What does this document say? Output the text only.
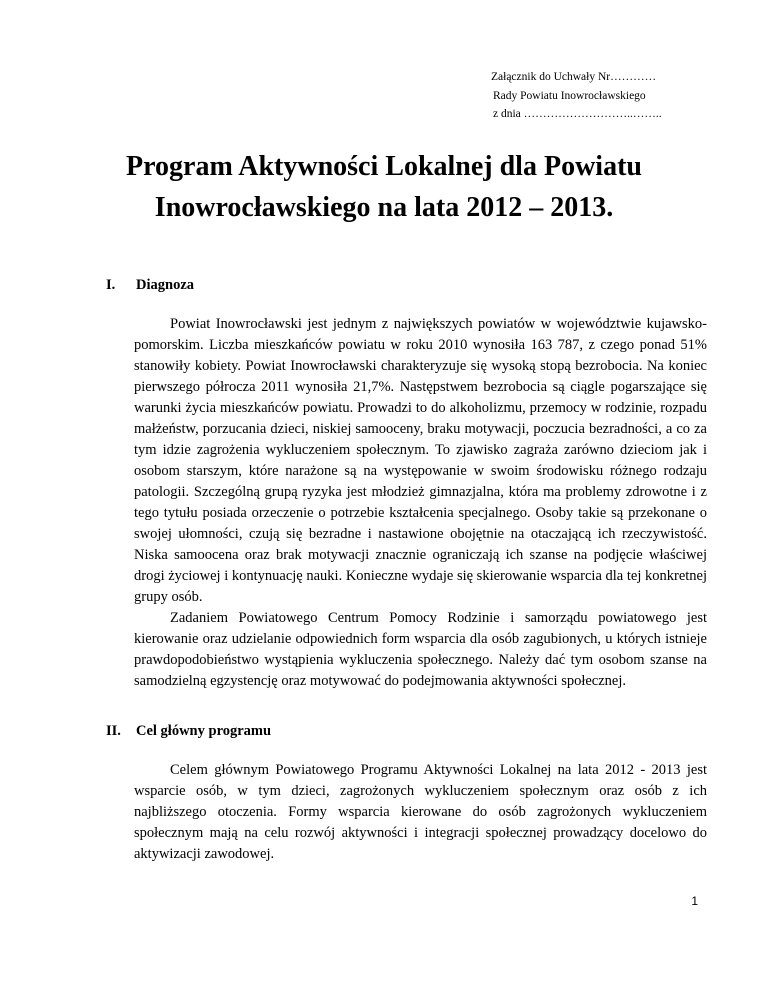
Załącznik do Uchwały Nr…………
Rady Powiatu Inowrocławskiego
z dnia ………………………..……..
Program Aktywności Lokalnej dla Powiatu
Inowrocławskiego na lata 2012 – 2013.
I.	Diagnoza

Powiat Inowrocławski jest jednym z największych powiatów w województwie kujawsko-pomorskim. Liczba mieszkańców powiatu w roku 2010 wynosiła 163 787, z czego ponad 51% stanowiły kobiety. Powiat Inowrocławski charakteryzuje się wysoką stopą bezrobocia. Na koniec pierwszego półrocza 2011 wynosiła 21,7%. Następstwem bezrobocia są ciągle pogarszające się warunki życia mieszkańców powiatu. Prowadzi to do alkoholizmu, przemocy w rodzinie, rozpadu małżeństw, porzucania dzieci, niskiej samooceny, braku motywacji, poczucia bezradności, a co za tym idzie zagrożenia wykluczeniem społecznym. To zjawisko zagraża zarówno dzieciom jak i osobom starszym, które narażone są na występowanie w swoim środowisku różnego rodzaju patologii. Szczególną grupą ryzyka jest młodzież gimnazjalna, która ma problemy zdrowotne i z tego tytułu posiada orzeczenie o potrzebie kształcenia specjalnego. Osoby takie są przekonane o swojej ułomności, czują się bezradne i nastawione obojętnie na otaczającą ich rzeczywistość. Niska samoocena oraz brak motywacji znacznie ograniczają ich szanse na podjęcie właściwej drogi życiowej i kontynuację nauki. Konieczne wydaje się skierowanie wsparcia dla tej konkretnej grupy osób.

Zadaniem Powiatowego Centrum Pomocy Rodzinie i samorządu powiatowego jest kierowanie oraz udzielanie odpowiednich form wsparcia dla osób zagubionych, u których istnieje prawdopodobieństwo wystąpienia wykluczenia społecznego. Należy dać tym osobom szanse na samodzielną egzystencję oraz motywować do podejmowania aktywności społecznej.

II.	Cel główny programu

Celem głównym Powiatowego Programu Aktywności Lokalnej na lata 2012 - 2013 jest wsparcie osób, w tym dzieci, zagrożonych wykluczeniem społecznym oraz osób z ich najbliższego otoczenia. Formy wsparcia kierowane do osób zagrożonych wykluczeniem społecznym mają na celu rozwój aktywności i integracji społecznej prowadzący docelowo do aktywizacji zawodowej.

1
